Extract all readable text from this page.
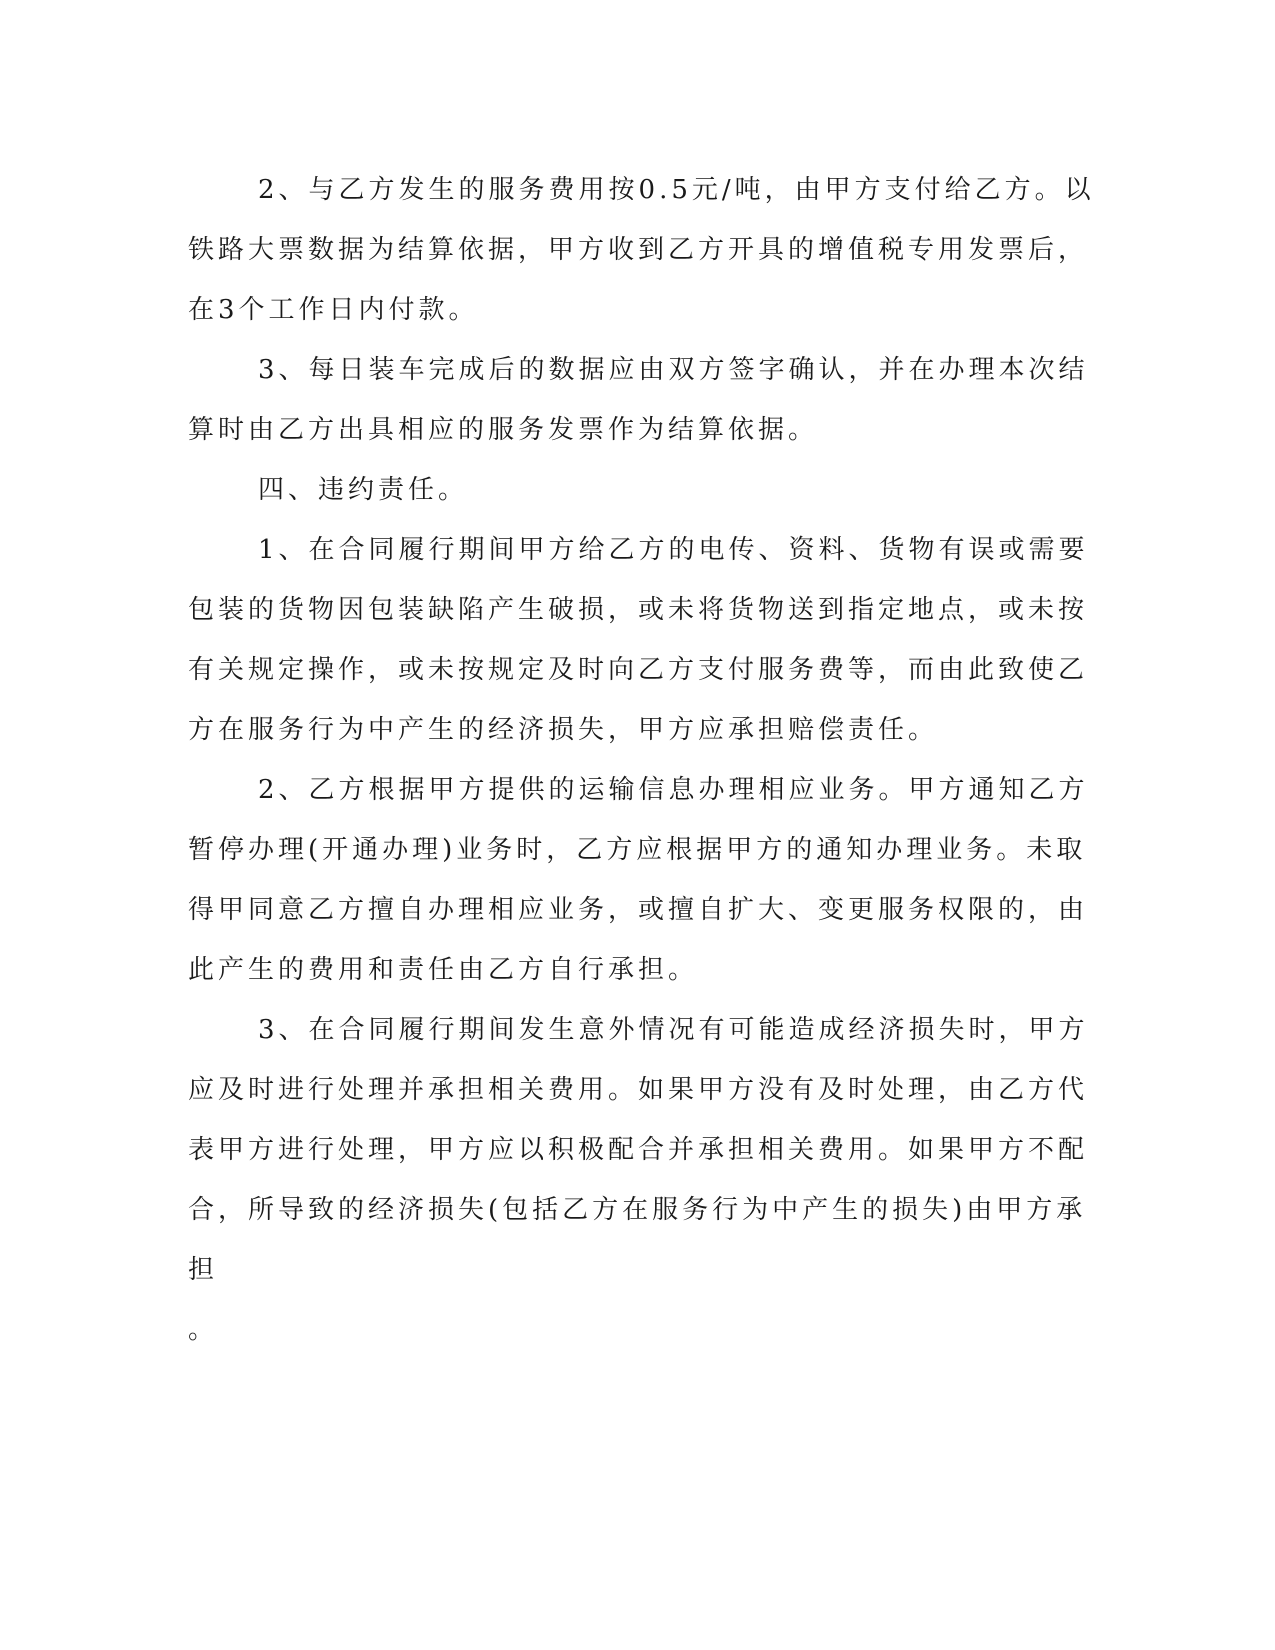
2、与乙方发生的服务费用按0.5元/吨，由甲方支付给乙方。以铁路大票数据为结算依据，甲方收到乙方开具的增值税专用发票后，在3个工作日内付款。

3、每日装车完成后的数据应由双方签字确认，并在办理本次结算时由乙方出具相应的服务发票作为结算依据。

四、违约责任。

1、在合同履行期间甲方给乙方的电传、资料、货物有误或需要包装的货物因包装缺陷产生破损，或未将货物送到指定地点，或未按有关规定操作，或未按规定及时向乙方支付服务费等，而由此致使乙方在服务行为中产生的经济损失，甲方应承担赔偿责任。

2、乙方根据甲方提供的运输信息办理相应业务。甲方通知乙方暂停办理(开通办理)业务时，乙方应根据甲方的通知办理业务。未取得甲同意乙方擅自办理相应业务，或擅自扩大、变更服务权限的，由此产生的费用和责任由乙方自行承担。

3、在合同履行期间发生意外情况有可能造成经济损失时，甲方应及时进行处理并承担相关费用。如果甲方没有及时处理，由乙方代表甲方进行处理，甲方应以积极配合并承担相关费用。如果甲方不配合，所导致的经济损失(包括乙方在服务行为中产生的损失)由甲方承担

。
